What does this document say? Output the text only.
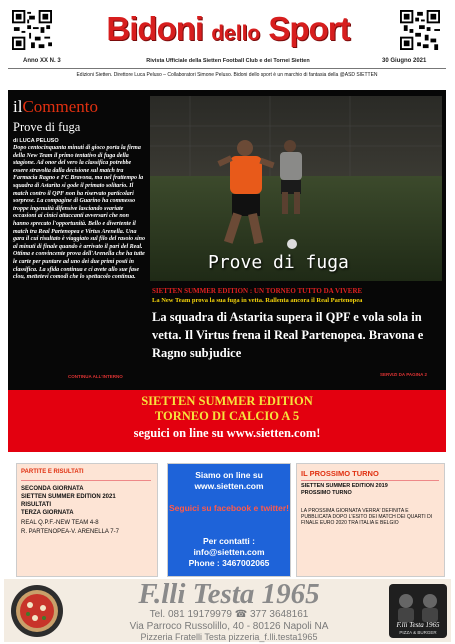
Bidoni dello Sport
Anno XX N. 3	Rivista Ufficiale della Sietten Football Club e dei Tornei Sietten	30 Giugno 2021
Edizioni Sietten. Direttore Luca Peluso – Collaboratori Simone Peluso. Bidoni dello sport è un marchio di fantasia della @ASD SIETTEN
ilCommento
Prove di fuga
di LUCA PELUSO
Dopo centocinquanta minuti di gioco porta la firma della New Team il primo tentativo di fuga della stagione. Ad onor del vero la classifica potrebbe essere stravolta dalla decisione sul match tra Farmacia Ragno e FC Bravona, ma nel frattempo la squadra di Astarita si gode il primato solitario. Il match contro il QPF non ha riservato particolari sorprese. La compagine di Guarino ha commesso troppe ingenuità difensive lasciando svariate occasioni ai cinici attaccanti avversari che non hanno sprecato l'opportunità. Bello e divertente il match tra Real Partenopea e Virtus Arenella. Una gara il cui risultato è viaggiato sul filo del rasoio sino al minuti di finale quando è arrivato il pari del Real. Ottima e convincente prova dell'Arenella che ha tutte le carte per puntare ad uno dei due primi posti in classifica. La sfida continua e ci avete allo sue fase clou, mettetevi comodi che lo spettacolo continua.
CONTINUA ALL'INTERNO
Prove di fuga
SIETTEN SUMMER EDITION : UN TORNEO TUTTO DA VIVERE
La New Team prova la sua fuga in vetta. Rallenta ancora il Real Partenopea
La squadra di Astarita supera il QPF e vola sola in vetta. Il Virtus frena il Real Partenopea. Bravona e Ragno subjudice
SERVIZI DA PAGINA 2
SIETTEN SUMMER EDITION
TORNEO DI CALCIO A 5
seguici on line su www.sietten.com!
PARTITE E RISULTATI
SECONDA GIORNATA
SIETTEN SUMMER EDITION 2021
RISULTATI
TERZA GIORNATA
REAL Q.P.F.-NEW TEAM 4-8
R. PARTENOPEA-V. ARENELLA 7-7
Siamo on line su
www.sietten.com
Seguici su facebook e twitter!
Per contatti :
info@sietten.com
Phone : 3467002065
IL PROSSIMO TURNO
SIETTEN SUMMER EDITION 2019
PROSSIMO TURNO
LA PROSSIMA GIORNATA VERRA' DEFINITA E PUBBLICATA DOPO L'ESITO DEI MATCH DEI QUARTI DI FINALE EURO 2020 TRA ITALIA E BELGIO
F.lli Testa 1965
Tel. 081 19179979 ☎ 377 3648161
Via Parroco Russolillo, 40 - 80126 Napoli NA
Pizzeria Fratelli Testa pizzeria_f.lli.testa1965
F.lli Testa 1965
PIZZA & BURGER
